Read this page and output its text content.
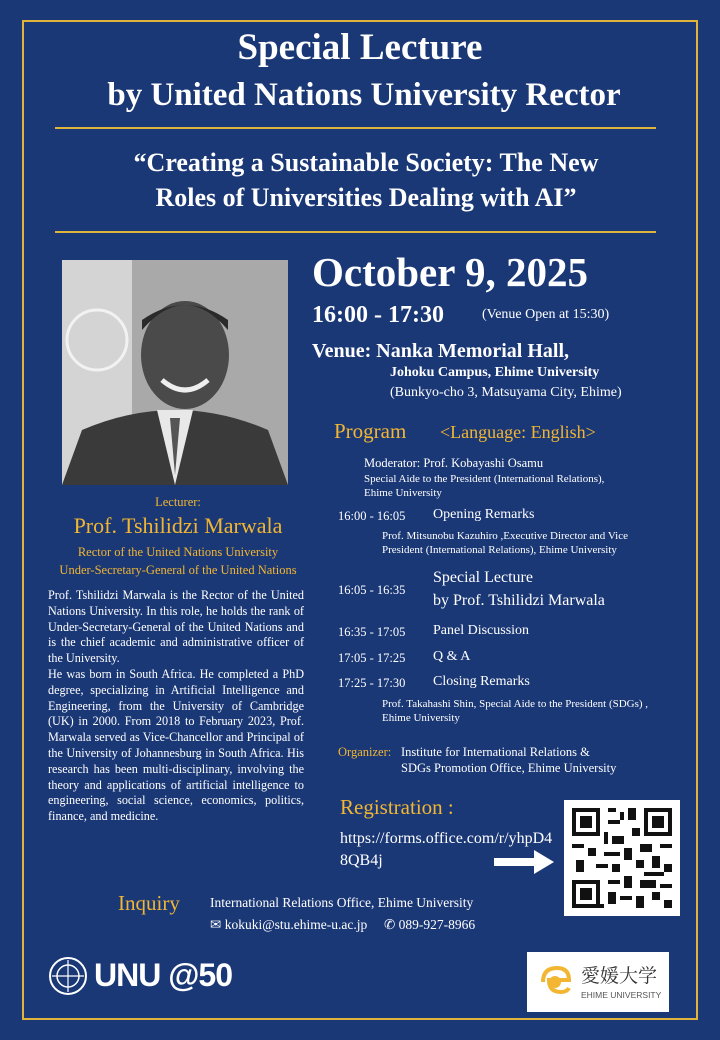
Special Lecture
by United Nations University Rector
“Creating a Sustainable Society: The New
Roles of Universities Dealing with AI”
October 9, 2025
16:00 - 17:30	(Venue Open at 15:30)
Venue: Nanka Memorial Hall,
Johoku Campus, Ehime University
(Bunkyo-cho 3, Matsuyama City, Ehime)
Program <Language: English>
Moderator: Prof. Kobayashi Osamu
Special Aide to the President (International Relations),
Ehime University
16:00 - 16:05 Opening Remarks
Prof. Mitsunobu Kazuhiro ,Executive Director and Vice
President (International Relations), Ehime University
16:05 - 16:35
Special Lecture
by Prof. Tshilidzi Marwala
16:35 - 17:05 Panel Discussion
17:05 - 17:25 Q & A
17:25 - 17:30 Closing Remarks
Prof. Takahashi Shin, Special Aide to the President (SDGs) ,
Ehime University
Organizer: Institute for International Relations &
SDGs Promotion Office, Ehime University
Lecturer:
Prof. Tshilidzi Marwala
Rector of the United Nations University
Under-Secretary-General of the United Nations

Prof. Tshilidzi Marwala is the Rector of the United Nations University. In this role, he holds the rank of Under-Secretary-General of the United Nations and is the chief academic and administrative officer of the University.

He was born in South Africa. He completed a PhD degree, specializing in Artificial Intelligence and Engineering, from the University of Cambridge (UK) in 2000. From 2018 to February 2023, Prof. Marwala served as Vice-Chancellor and Principal of the University of Johannesburg in South Africa. His research has been multi-disciplinary, involving the theory and applications of artificial intelligence to engineering, social science, economics, politics, finance, and medicine.	Registration :
https://forms.office.com/r/yhpD48QB4j
Inquiry International Relations Office, Ehime University
✉ kokuki@stu.ehime-u.ac.jp ✆ 089-927-8966
UNU @50	愛媛大学
EHIME UNIVERSITY
